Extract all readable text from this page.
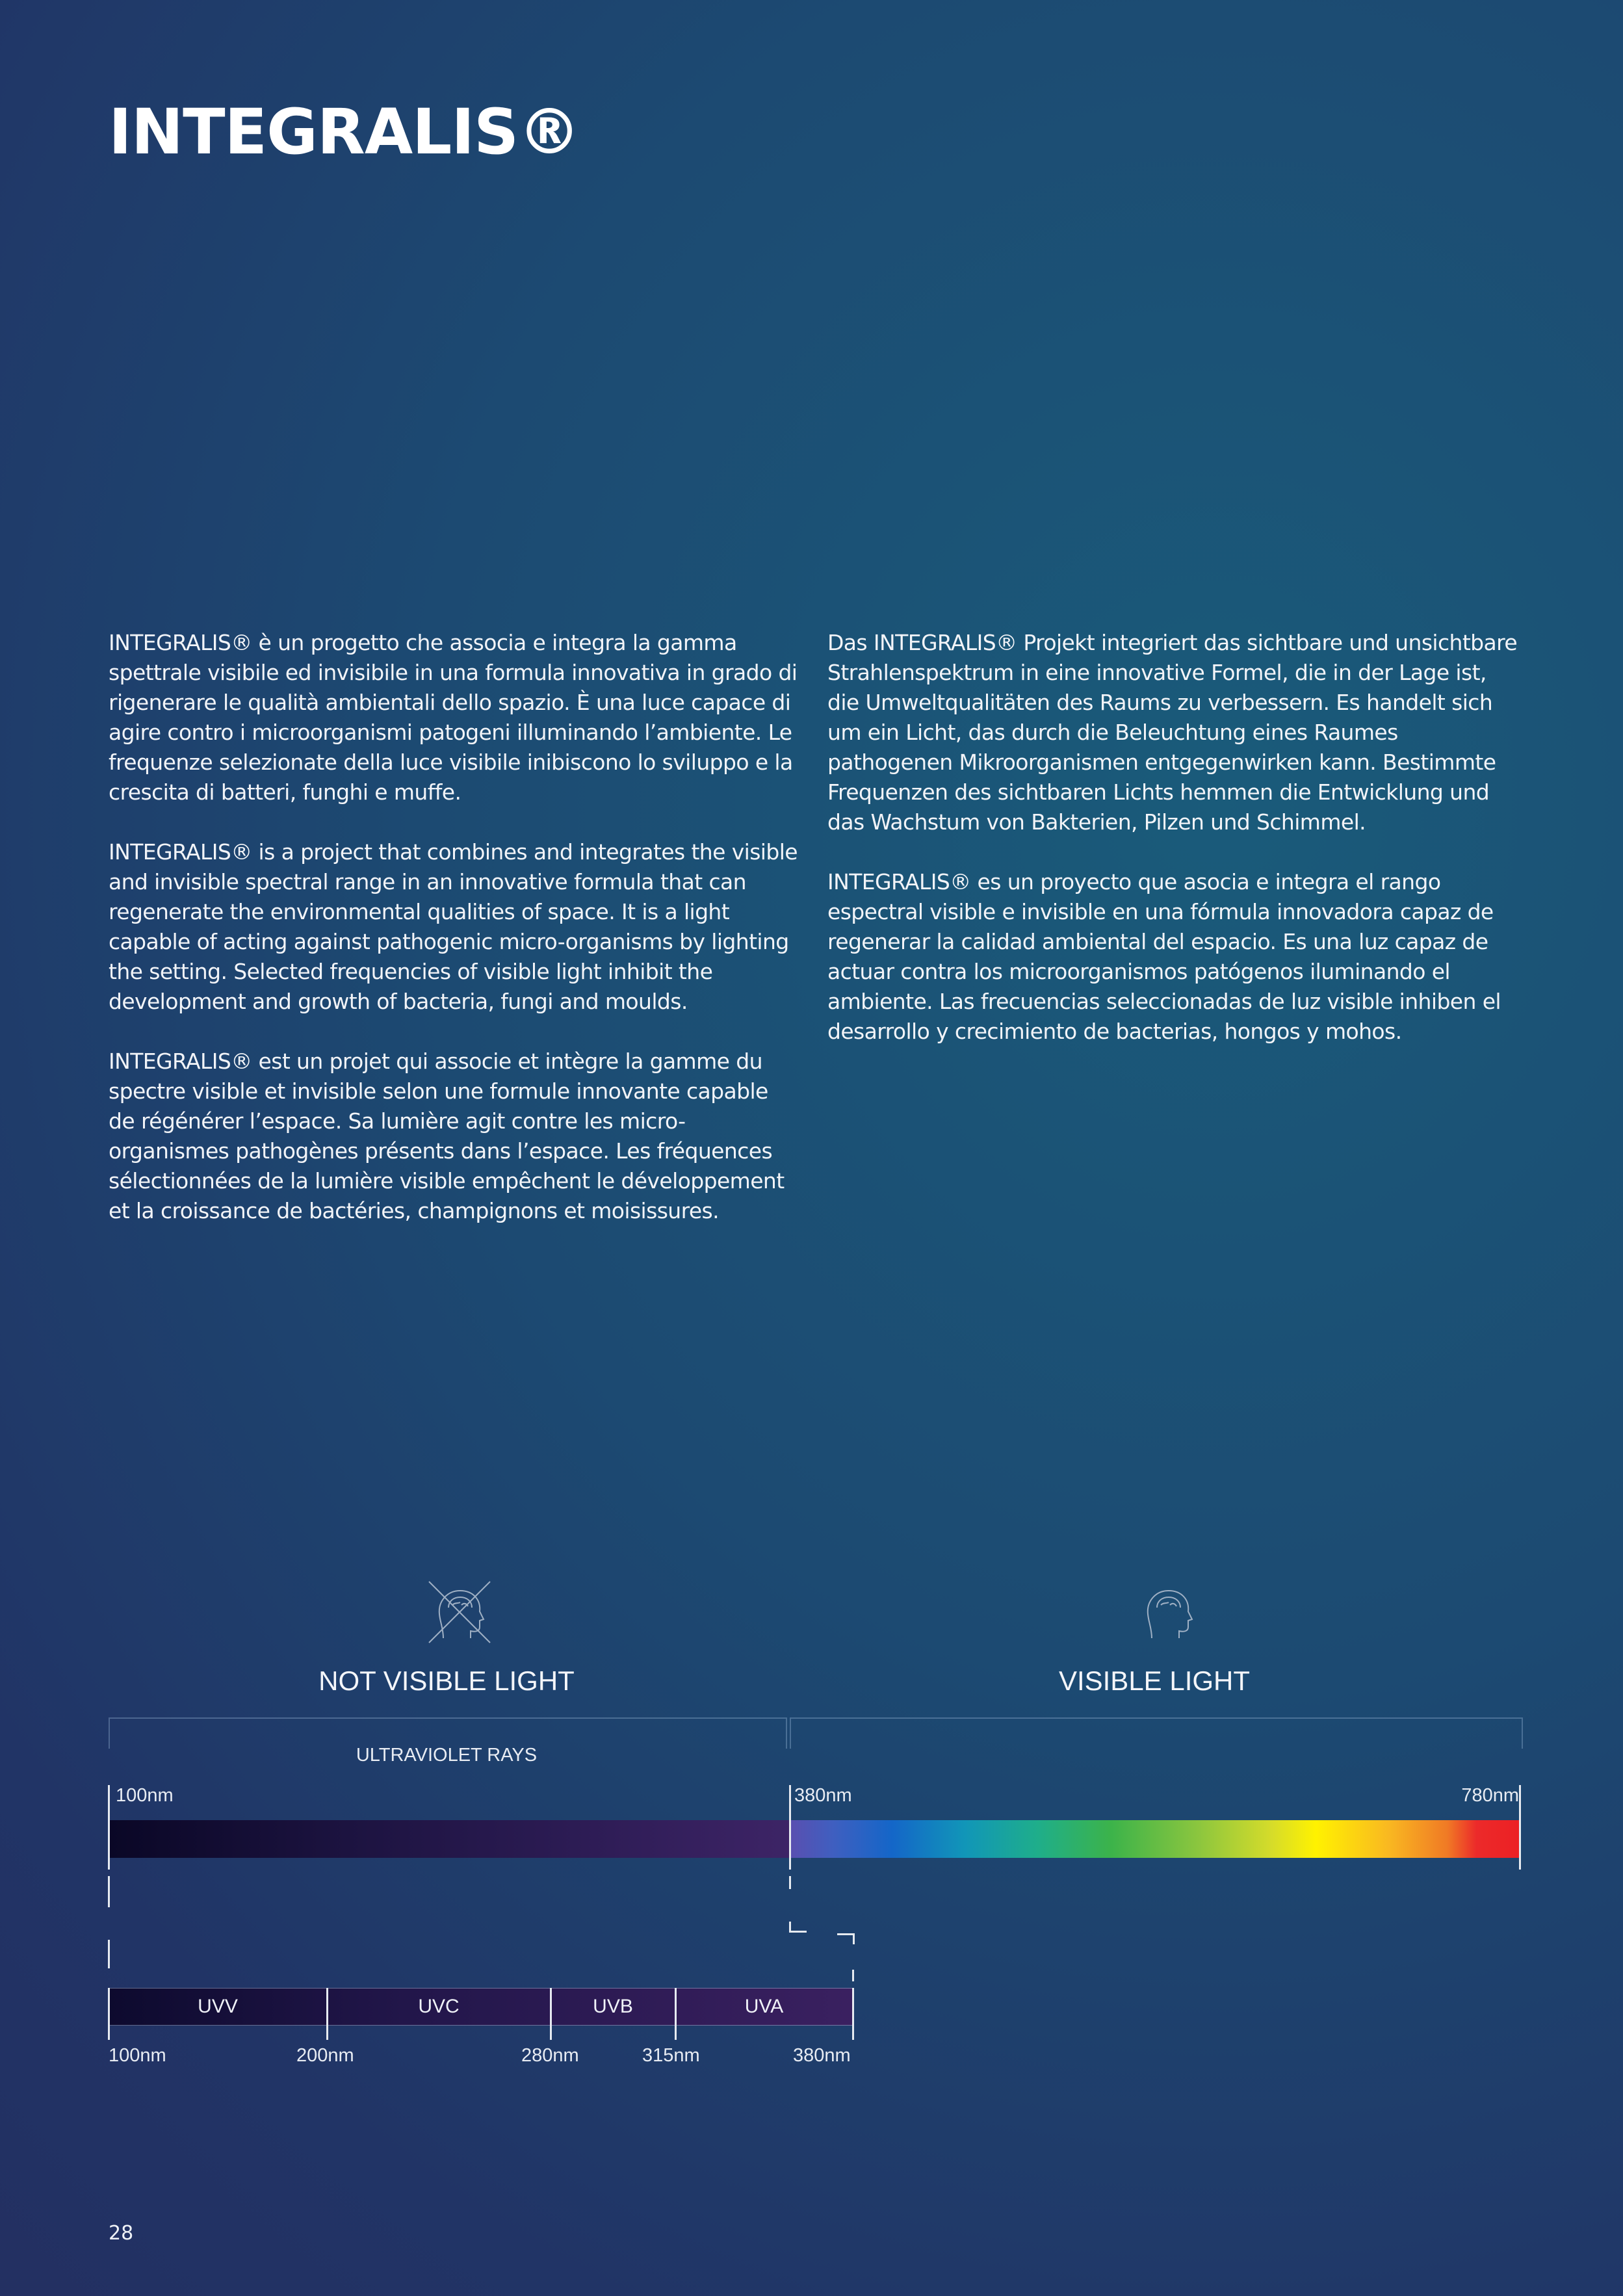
INTEGRALIS®

INTEGRALIS® è un progetto che associa e integra la gamma spettrale visibile ed invisibile in una formula innovativa in grado di rigenerare le qualità ambientali dello spazio. È una luce capace di agire contro i microorganismi patogeni illuminando l’ambiente. Le frequenze selezionate della luce visibile inibiscono lo sviluppo e la crescita di batteri, funghi e muffe.

INTEGRALIS® is a project that combines and integrates the visible and invisible spectral range in an innovative formula that can regenerate the environmental qualities of space. It is a light capable of acting against pathogenic micro-organisms by lighting the setting. Selected frequencies of visible light inhibit the development and growth of bacteria, fungi and moulds.

INTEGRALIS® est un projet qui associe et intègre la gamme du spectre visible et invisible selon une formule innovante capable de régénérer l’espace. Sa lumière agit contre les micro-organismes pathogènes présents dans l’espace. Les fréquences sélectionnées de la lumière visible empêchent le développement et la croissance de bactéries, champignons et moisissures.

Das INTEGRALIS® Projekt integriert das sichtbare und unsichtbare Strahlenspektrum in eine innovative Formel, die in der Lage ist, die Umweltqualitäten des Raums zu verbessern. Es handelt sich um ein Licht, das durch die Beleuchtung eines Raumes pathogenen Mikroorganismen entgegenwirken kann. Bestimmte Frequenzen des sichtbaren Lichts hemmen die Entwicklung und das Wachstum von Bakterien, Pilzen und Schimmel.

INTEGRALIS® es un proyecto que asocia e integra el rango espectral visible e invisible en una fórmula innovadora capaz de regenerar la calidad ambiental del espacio. Es una luz capaz de actuar contra los microorganismos patógenos iluminando el ambiente. Las frecuencias seleccionadas de luz visible inhiben el desarrollo y crecimiento de bacterias, hongos y mohos.

NOT VISIBLE LIGHT	VISIBLE LIGHT
ULTRAVIOLET RAYS
100nm	380nm	780nm
UVV	UVC	UVB	UVA
100nm	200nm	280nm	315nm	380nm
28
